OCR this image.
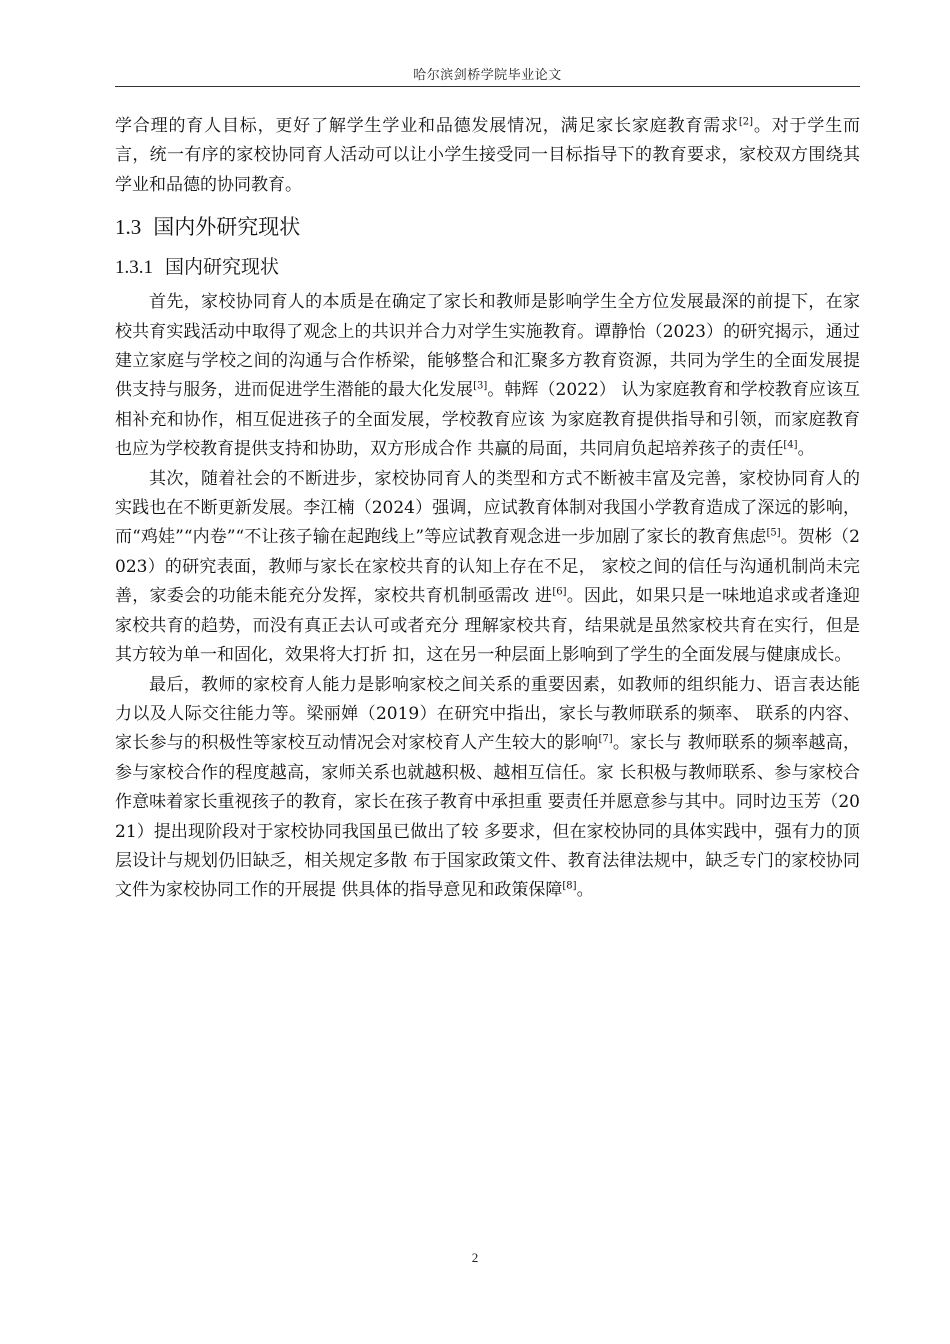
哈尔滨剑桥学院毕业论文

学合理的育人目标，更好了解学生学业和品德发展情况，满足家长家庭教育需求[2]。对于学生而言，统一有序的家校协同育人活动可以让小学生接受同一目标指导下的教育要求，家校双方围绕其学业和品德的协同教育。

1.3 国内外研究现状
1.3.1 国内研究现状

首先，家校协同育人的本质是在确定了家长和教师是影响学生全方位发展最深的前提下，在家校共育实践活动中取得了观念上的共识并合力对学生实施教育。谭静怡（2023）的研究揭示，通过建立家庭与学校之间的沟通与合作桥梁，能够整合和汇聚多方教育资源，共同为学生的全面发展提供支持与服务，进而促进学生潜能的最大化发展[3]。韩辉（2022） 认为家庭教育和学校教育应该互相补充和协作，相互促进孩子的全面发展，学校教育应该 为家庭教育提供指导和引领，而家庭教育也应为学校教育提供支持和协助，双方形成合作 共赢的局面，共同肩负起培养孩子的责任[4]。

其次，随着社会的不断进步，家校协同育人的类型和方式不断被丰富及完善，家校协同育人的实践也在不断更新发展。李江楠（2024）强调，应试教育体制对我国小学教育造成了深远的影响，而“鸡娃”“内卷”“不让孩子输在起跑线上”等应试教育观念进一步加剧了家长的教育焦虑[5]。贺彬（2023）的研究表面，教师与家长在家校共育的认知上存在不足， 家校之间的信任与沟通机制尚未完善，家委会的功能未能充分发挥，家校共育机制亟需改 进[6]。因此，如果只是一味地追求或者逢迎家校共育的趋势，而没有真正去认可或者充分 理解家校共育，结果就是虽然家校共育在实行，但是其方较为单一和固化，效果将大打折 扣，这在另一种层面上影响到了学生的全面发展与健康成长。

最后，教师的家校育人能力是影响家校之间关系的重要因素，如教师的组织能力、语言表达能力以及人际交往能力等。梁丽婵（2019）在研究中指出，家长与教师联系的频率、 联系的内容、家长参与的积极性等家校互动情况会对家校育人产生较大的影响[7]。家长与 教师联系的频率越高，参与家校合作的程度越高，家师关系也就越积极、越相互信任。家 长积极与教师联系、参与家校合作意味着家长重视孩子的教育，家长在孩子教育中承担重 要责任并愿意参与其中。同时边玉芳（2021）提出现阶段对于家校协同我国虽已做出了较 多要求，但在家校协同的具体实践中，强有力的顶层设计与规划仍旧缺乏，相关规定多散 布于国家政策文件、教育法律法规中，缺乏专门的家校协同文件为家校协同工作的开展提 供具体的指导意见和政策保障[8]。

2
